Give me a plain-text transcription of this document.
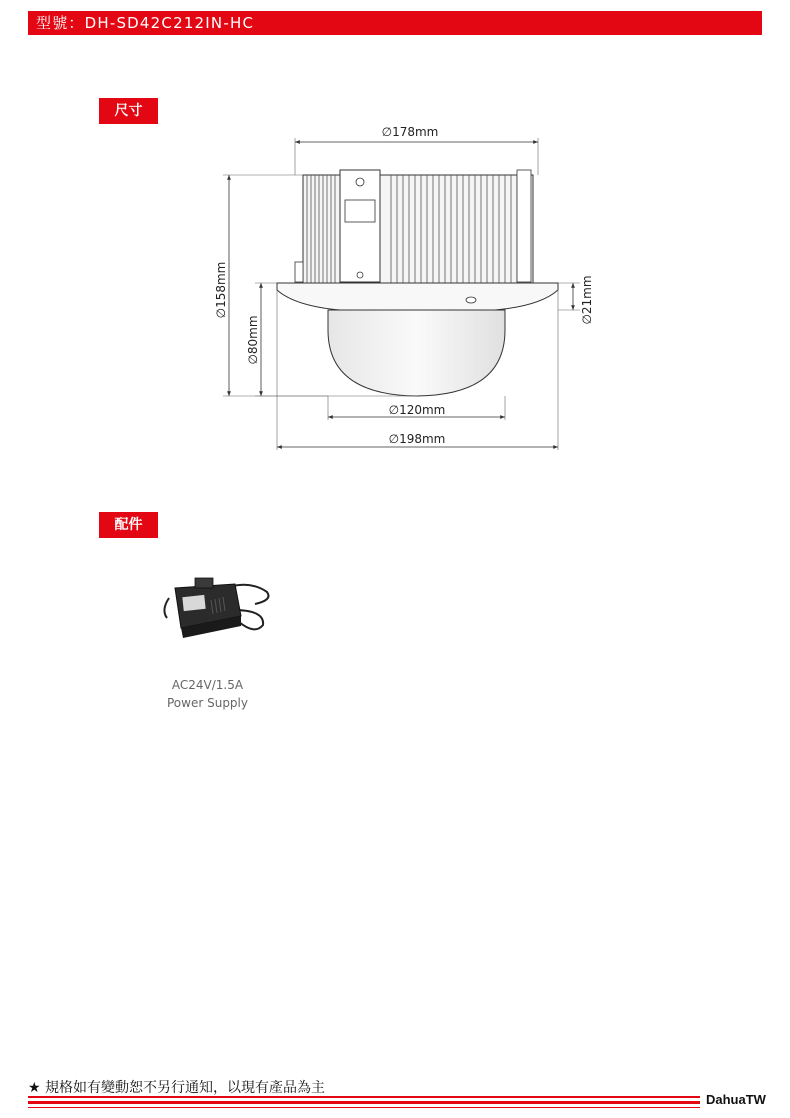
型號：DH-SD42C212IN-HC
尺寸
∅178mm
∅158mm
∅80mm
∅21mm
∅120mm
∅198mm
配件
AC24V/1.5A
Power Supply
★ 規格如有變動恕不另行通知，以現有產品為主
DahuaTW
